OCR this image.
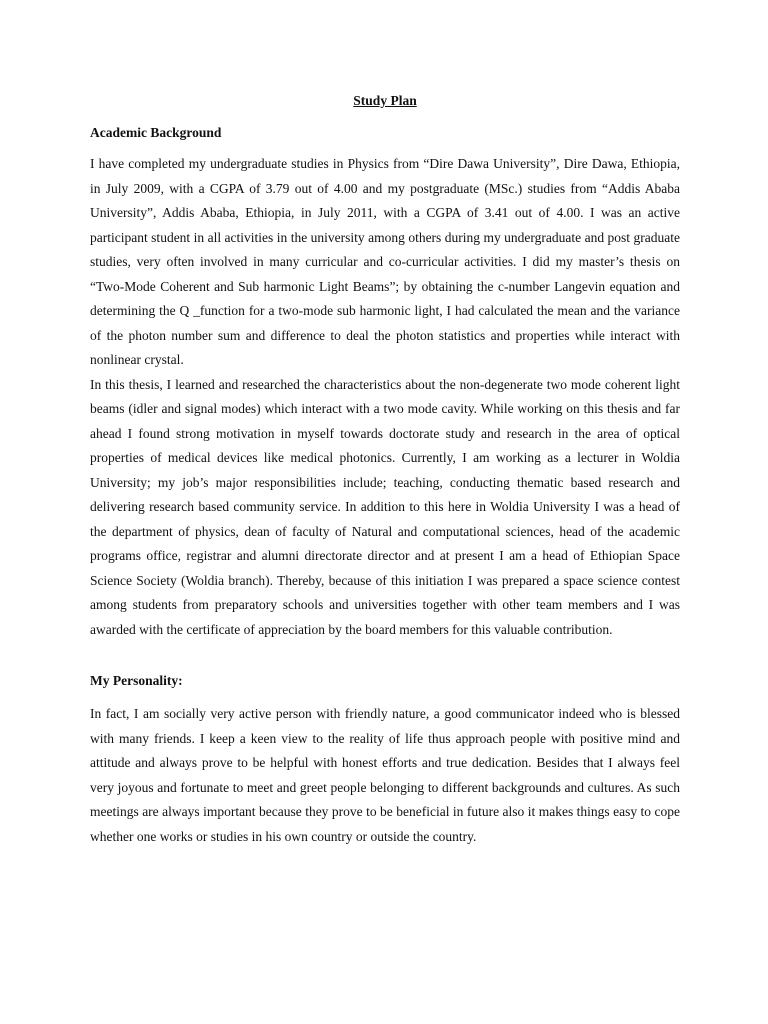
Study Plan
Academic Background

I have completed my undergraduate studies in Physics from “Dire Dawa University”, Dire Dawa, Ethiopia, in July 2009, with a CGPA of 3.79 out of 4.00 and my postgraduate (MSc.) studies from “Addis Ababa University”, Addis Ababa, Ethiopia, in July 2011, with a CGPA of 3.41 out of 4.00. I was an active participant student in all activities in the university among others during my undergraduate and post graduate studies, very often involved in many curricular and co-curricular activities. I did my master’s thesis on “Two-Mode Coherent and Sub harmonic Light Beams”; by obtaining the c-number Langevin equation and determining the Q _function for a two-mode sub harmonic light, I had calculated the mean and the variance of the photon number sum and difference to deal the photon statistics and properties while interact with nonlinear crystal.

In this thesis, I learned and researched the characteristics about the non-degenerate two mode coherent light beams (idler and signal modes) which interact with a two mode cavity. While working on this thesis and far ahead I found strong motivation in myself towards doctorate study and research in the area of optical properties of medical devices like medical photonics. Currently, I am working as a lecturer in Woldia University; my job’s major responsibilities include; teaching, conducting thematic based research and delivering research based community service. In addition to this here in Woldia University I was a head of the department of physics, dean of faculty of Natural and computational sciences, head of the academic programs office, registrar and alumni directorate director and at present I am a head of Ethiopian Space Science Society (Woldia branch). Thereby, because of this initiation I was prepared a space science contest among students from preparatory schools and universities together with other team members and I was awarded with the certificate of appreciation by the board members for this valuable contribution.

My Personality:

In fact, I am socially very active person with friendly nature, a good communicator indeed who is blessed with many friends. I keep a keen view to the reality of life thus approach people with positive mind and attitude and always prove to be helpful with honest efforts and true dedication. Besides that I always feel very joyous and fortunate to meet and greet people belonging to different backgrounds and cultures. As such meetings are always important because they prove to be beneficial in future also it makes things easy to cope whether one works or studies in his own country or outside the country.
